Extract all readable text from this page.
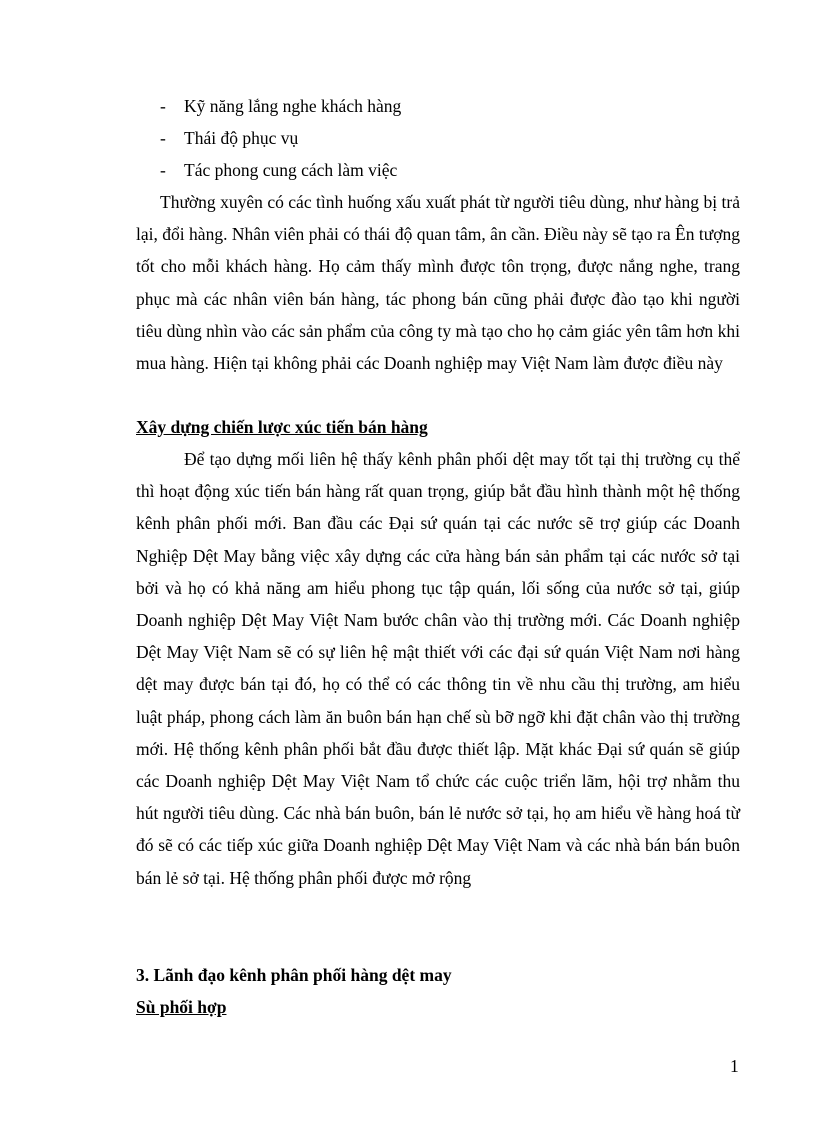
- Kỹ năng lắng nghe khách hàng
- Thái độ phục vụ
- Tác phong cung cách làm việc

Thường xuyên có các tình huống xấu xuất phát từ người tiêu dùng, như hàng bị trả lại, đổi hàng. Nhân viên phải có thái độ quan tâm, ân cần. Điều này sẽ tạo ra Ên tượng tốt cho mỗi khách hàng. Họ cảm thấy mình được tôn trọng, được nắng nghe, trang phục mà các nhân viên bán hàng, tác phong bán cũng phải được đào tạo khi người tiêu dùng nhìn vào các sản phẩm của công ty mà tạo cho họ cảm giác yên tâm hơn khi mua hàng. Hiện tại không phải các Doanh nghiệp may Việt Nam làm được điều này

Xây dựng chiến lược xúc tiến bán hàng

Để tạo dựng mối liên hệ thấy kênh phân phối dệt may tốt tại thị trường cụ thể thì hoạt động xúc tiến bán hàng rất quan trọng, giúp bắt đầu hình thành một hệ thống kênh phân phối mới. Ban đầu các Đại sứ quán tại các nước sẽ trợ giúp các Doanh Nghiệp Dệt May bằng việc xây dựng các cửa hàng bán sản phẩm tại các nước sở tại bởi và họ có khả năng am hiểu phong tục tập quán, lối sống của nước sở tại, giúp Doanh nghiệp Dệt May Việt Nam bước chân vào thị trường mới. Các Doanh nghiệp Dệt May Việt Nam sẽ có sự liên hệ mật thiết với các đại sứ quán Việt Nam nơi hàng dệt may được bán tại đó, họ có thể có các thông tin về nhu cầu thị trường, am hiểu luật pháp, phong cách làm ăn buôn bán hạn chế sù bỡ ngỡ khi đặt chân vào thị trường mới. Hệ thống kênh phân phối bắt đầu được thiết lập. Mặt khác Đại sứ quán sẽ giúp các Doanh nghiệp Dệt May Việt Nam tổ chức các cuộc triển lãm, hội trợ nhằm thu hút người tiêu dùng. Các nhà bán buôn, bán lẻ nước sở tại, họ am hiểu về hàng hoá từ đó sẽ có các tiếp xúc giữa Doanh nghiệp Dệt May Việt Nam và các nhà bán bán buôn bán lẻ sở tại. Hệ thống phân phối được mở rộng

3. Lãnh đạo kênh phân phối hàng dệt may
Sù phối hợp
1
